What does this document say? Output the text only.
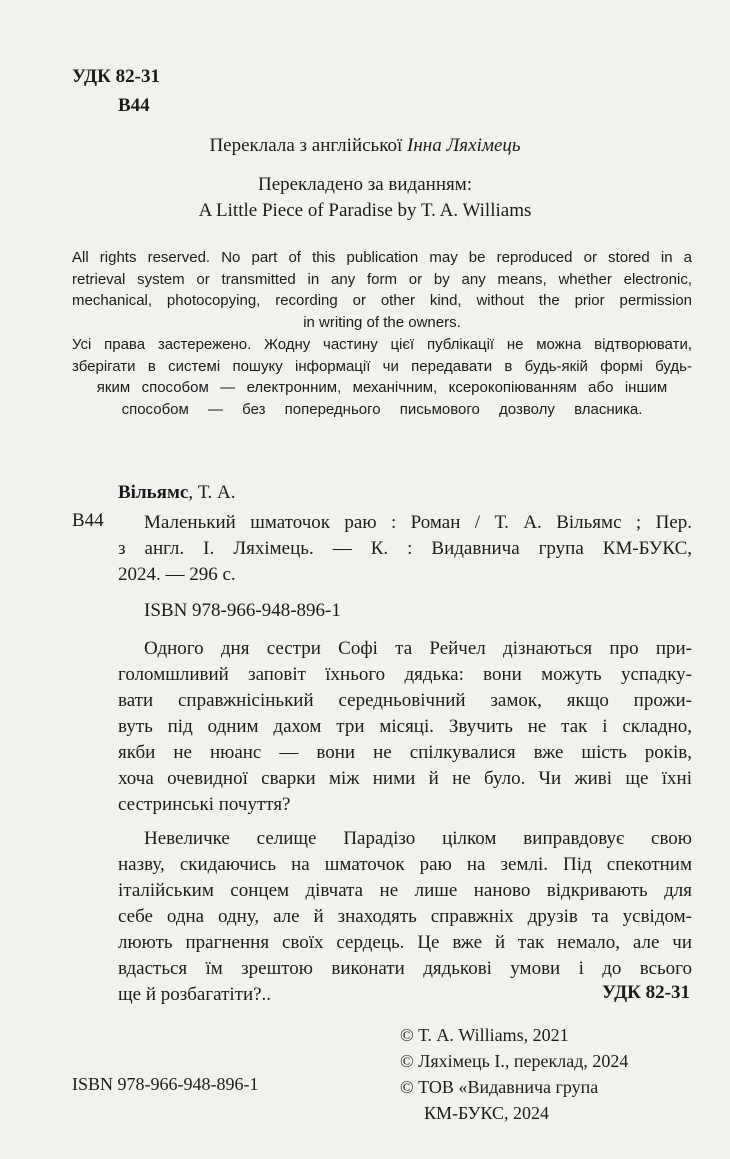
УДК 82-31
В44
Переклала з англійської Інна Ляхімець
Перекладено за виданням:
A Little Piece of Paradise by T. A. Williams
All rights reserved. No part of this publication may be reproduced or stored in a
retrieval system or transmitted in any form or by any means, whether electronic,
mechanical, photocopying, recording or other kind, without the prior permission
in writing of the owners.
Усі права застережено. Жодну частину цієї публікації не можна відтворювати,
зберігати в системі пошуку інформації чи передавати в будь-якій формі будь-
яким способом — електронним, механічним, ксерокопіюванням або іншим
способом — без попереднього письмового дозволу власника.
Вільямс, Т. А.
В44 Маленький шматочок раю : Роман / Т. А. Вільямс ; Пер.
з англ. І. Ляхімець. — К. : Видавнича група КМ-БУКС,
2024. — 296 с.
ISBN 978-966-948-896-1
Одного дня сестри Софі та Рейчел дізнаються про при-
голомшливий заповіт їхнього дядька: вони можуть успадку-
вати справжнісінький середньовічний замок, якщо прожи-
вуть під одним дахом три місяці. Звучить не так і складно,
якби не нюанс — вони не спілкувалися вже шість років,
хоча очевидної сварки між ними й не було. Чи живі ще їхні
сестринські почуття?
Невеличке селище Парадізо цілком виправдовує свою
назву, скидаючись на шматочок раю на землі. Під спекотним
італійським сонцем дівчата не лише наново відкривають для
себе одна одну, але й знаходять справжніх друзів та усвідом-
люють прагнення своїх сердець. Це вже й так немало, але чи
вдасться їм зрештою виконати дядькові умови і до всього
ще й розбагатіти?..	УДК 82-31
© Т. А. Williams, 2021
© Ляхімець І., переклад, 2024
© ТОВ «Видавнича група
КМ-БУКС, 2024
ISBN 978-966-948-896-1
